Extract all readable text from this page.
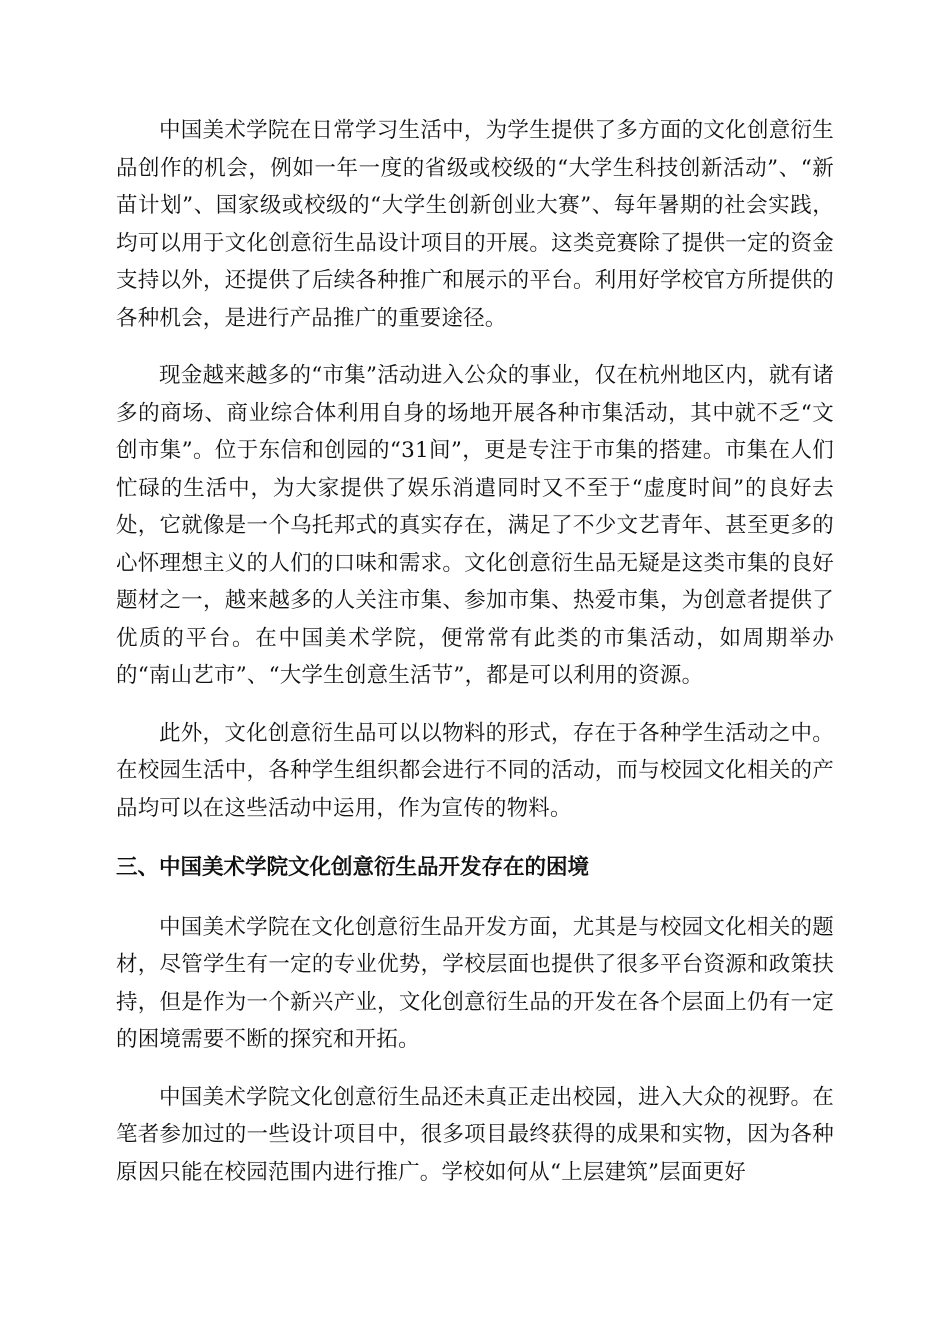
中国美术学院在日常学习生活中，为学生提供了多方面的文化创意衍生品创作的机会，例如一年一度的省级或校级的“大学生科技创新活动”、“新苗计划”、国家级或校级的“大学生创新创业大赛”、每年暑期的社会实践，均可以用于文化创意衍生品设计项目的开展。这类竞赛除了提供一定的资金支持以外，还提供了后续各种推广和展示的平台。利用好学校官方所提供的各种机会，是进行产品推广的重要途径。

现金越来越多的“市集”活动进入公众的事业，仅在杭州地区内，就有诸多的商场、商业综合体利用自身的场地开展各种市集活动，其中就不乏“文创市集”。位于东信和创园的“31间”，更是专注于市集的搭建。市集在人们忙碌的生活中，为大家提供了娱乐消遣同时又不至于“虚度时间”的良好去处，它就像是一个乌托邦式的真实存在，满足了不少文艺青年、甚至更多的心怀理想主义的人们的口味和需求。文化创意衍生品无疑是这类市集的良好题材之一，越来越多的人关注市集、参加市集、热爱市集，为创意者提供了优质的平台。在中国美术学院，便常常有此类的市集活动，如周期举办的“南山艺市”、“大学生创意生活节”，都是可以利用的资源。

此外，文化创意衍生品可以以物料的形式，存在于各种学生活动之中。在校园生活中，各种学生组织都会进行不同的活动，而与校园文化相关的产品均可以在这些活动中运用，作为宣传的物料。

三、中国美术学院文化创意衍生品开发存在的困境

中国美术学院在文化创意衍生品开发方面，尤其是与校园文化相关的题材，尽管学生有一定的专业优势，学校层面也提供了很多平台资源和政策扶持，但是作为一个新兴产业，文化创意衍生品的开发在各个层面上仍有一定的困境需要不断的探究和开拓。

中国美术学院文化创意衍生品还未真正走出校园，进入大众的视野。在笔者参加过的一些设计项目中，很多项目最终获得的成果和实物，因为各种原因只能在校园范围内进行推广。学校如何从“上层建筑”层面更好
